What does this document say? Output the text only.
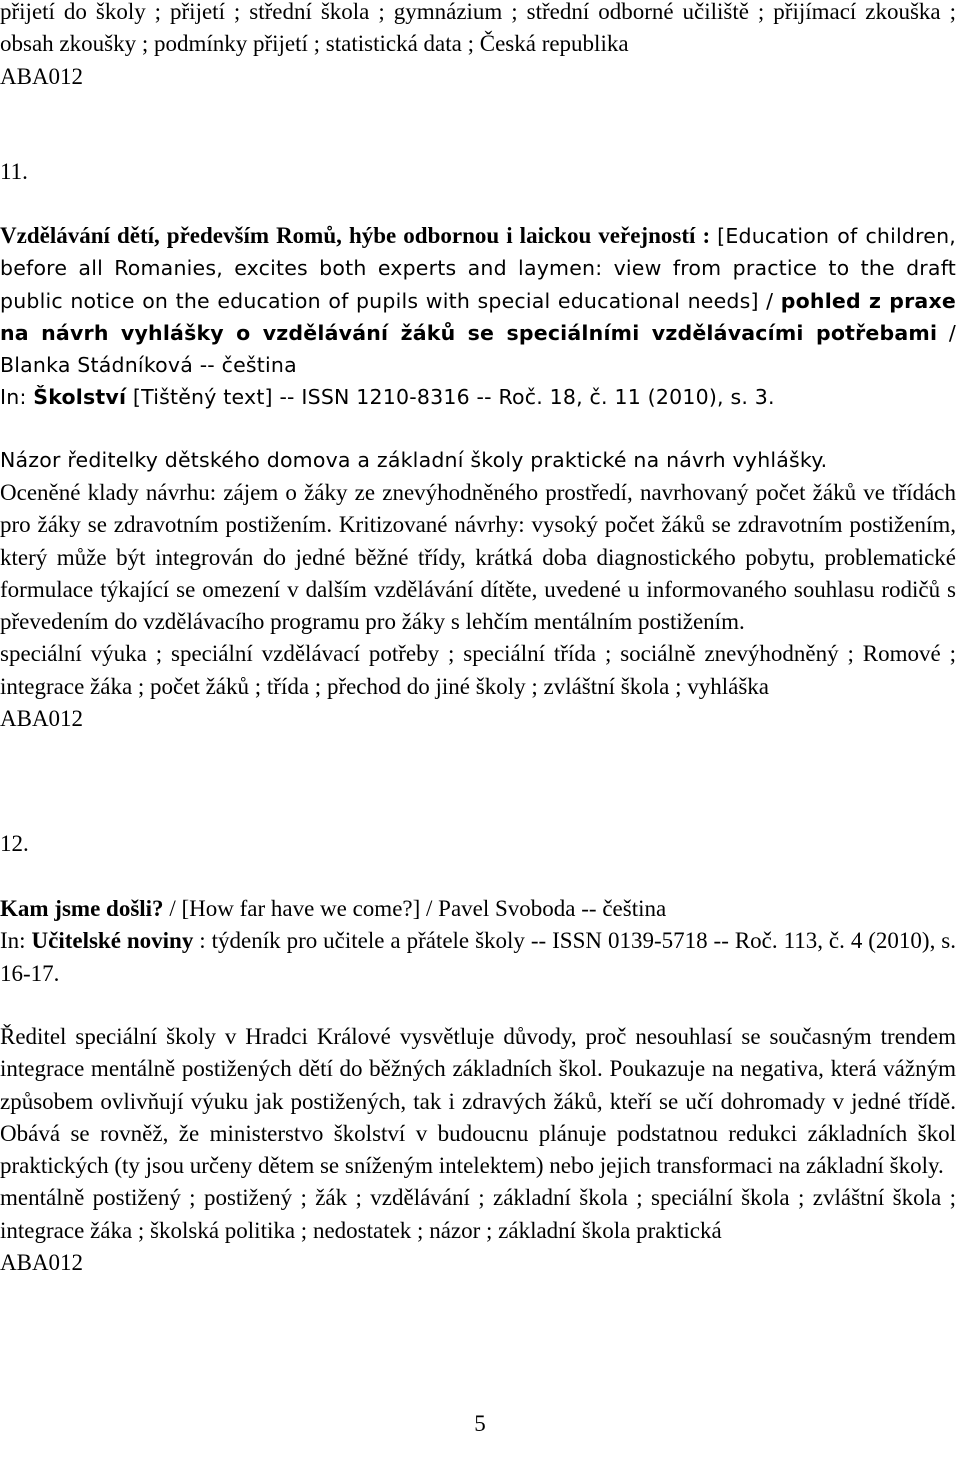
přijetí do školy ; přijetí ; střední škola ; gymnázium ; střední odborné učiliště ; přijímací zkouška ; obsah zkoušky ; podmínky přijetí ; statistická data ; Česká republika

ABA012

11.

Vzdělávání dětí, především Romů, hýbe odbornou i laickou veřejností : [Education of children, before all Romanies, excites both experts and laymen: view from practice to the draft public notice on the education of pupils with special educational needs] / pohled z praxe na návrh vyhlášky o vzdělávání žáků se speciálními vzdělávacími potřebami / Blanka Stádníková -- čeština

In: Školství [Tištěný text] -- ISSN 1210-8316 -- Roč. 18, č. 11 (2010), s. 3.

Názor ředitelky dětského domova a základní školy praktické na návrh vyhlášky.

Oceněné klady návrhu: zájem o žáky ze znevýhodněného prostředí, navrhovaný počet žáků ve třídách pro žáky se zdravotním postižením. Kritizované návrhy: vysoký počet žáků se zdravotním postižením, který může být integrován do jedné běžné třídy, krátká doba diagnostického pobytu, problematické formulace týkající se omezení v dalším vzdělávání dítěte, uvedené u informovaného souhlasu rodičů s převedením do vzdělávacího programu pro žáky s lehčím mentálním postižením.

speciální výuka ; speciální vzdělávací potřeby ; speciální třída ; sociálně znevýhodněný ; Romové ; integrace žáka ; počet žáků ; třída ; přechod do jiné školy ; zvláštní škola ; vyhláška

ABA012

12.

Kam jsme došli? / [How far have we come?] / Pavel Svoboda -- čeština

In: Učitelské noviny : týdeník pro učitele a přátele školy -- ISSN 0139-5718 -- Roč. 113, č. 4 (2010), s. 16-17.

Ředitel speciální školy v Hradci Králové vysvětluje důvody, proč nesouhlasí se současným trendem integrace mentálně postižených dětí do běžných základních škol. Poukazuje na negativa, která vážným způsobem ovlivňují výuku jak postižených, tak i zdravých žáků, kteří se učí dohromady v jedné třídě. Obává se rovněž, že ministerstvo školství v budoucnu plánuje podstatnou redukci základních škol praktických (ty jsou určeny dětem se sníženým intelektem) nebo jejich transformaci na základní školy.

mentálně postižený ; postižený ; žák ; vzdělávání ; základní škola ; speciální škola ; zvláštní škola ; integrace žáka ; školská politika ; nedostatek ; názor ; základní škola praktická

ABA012

5
